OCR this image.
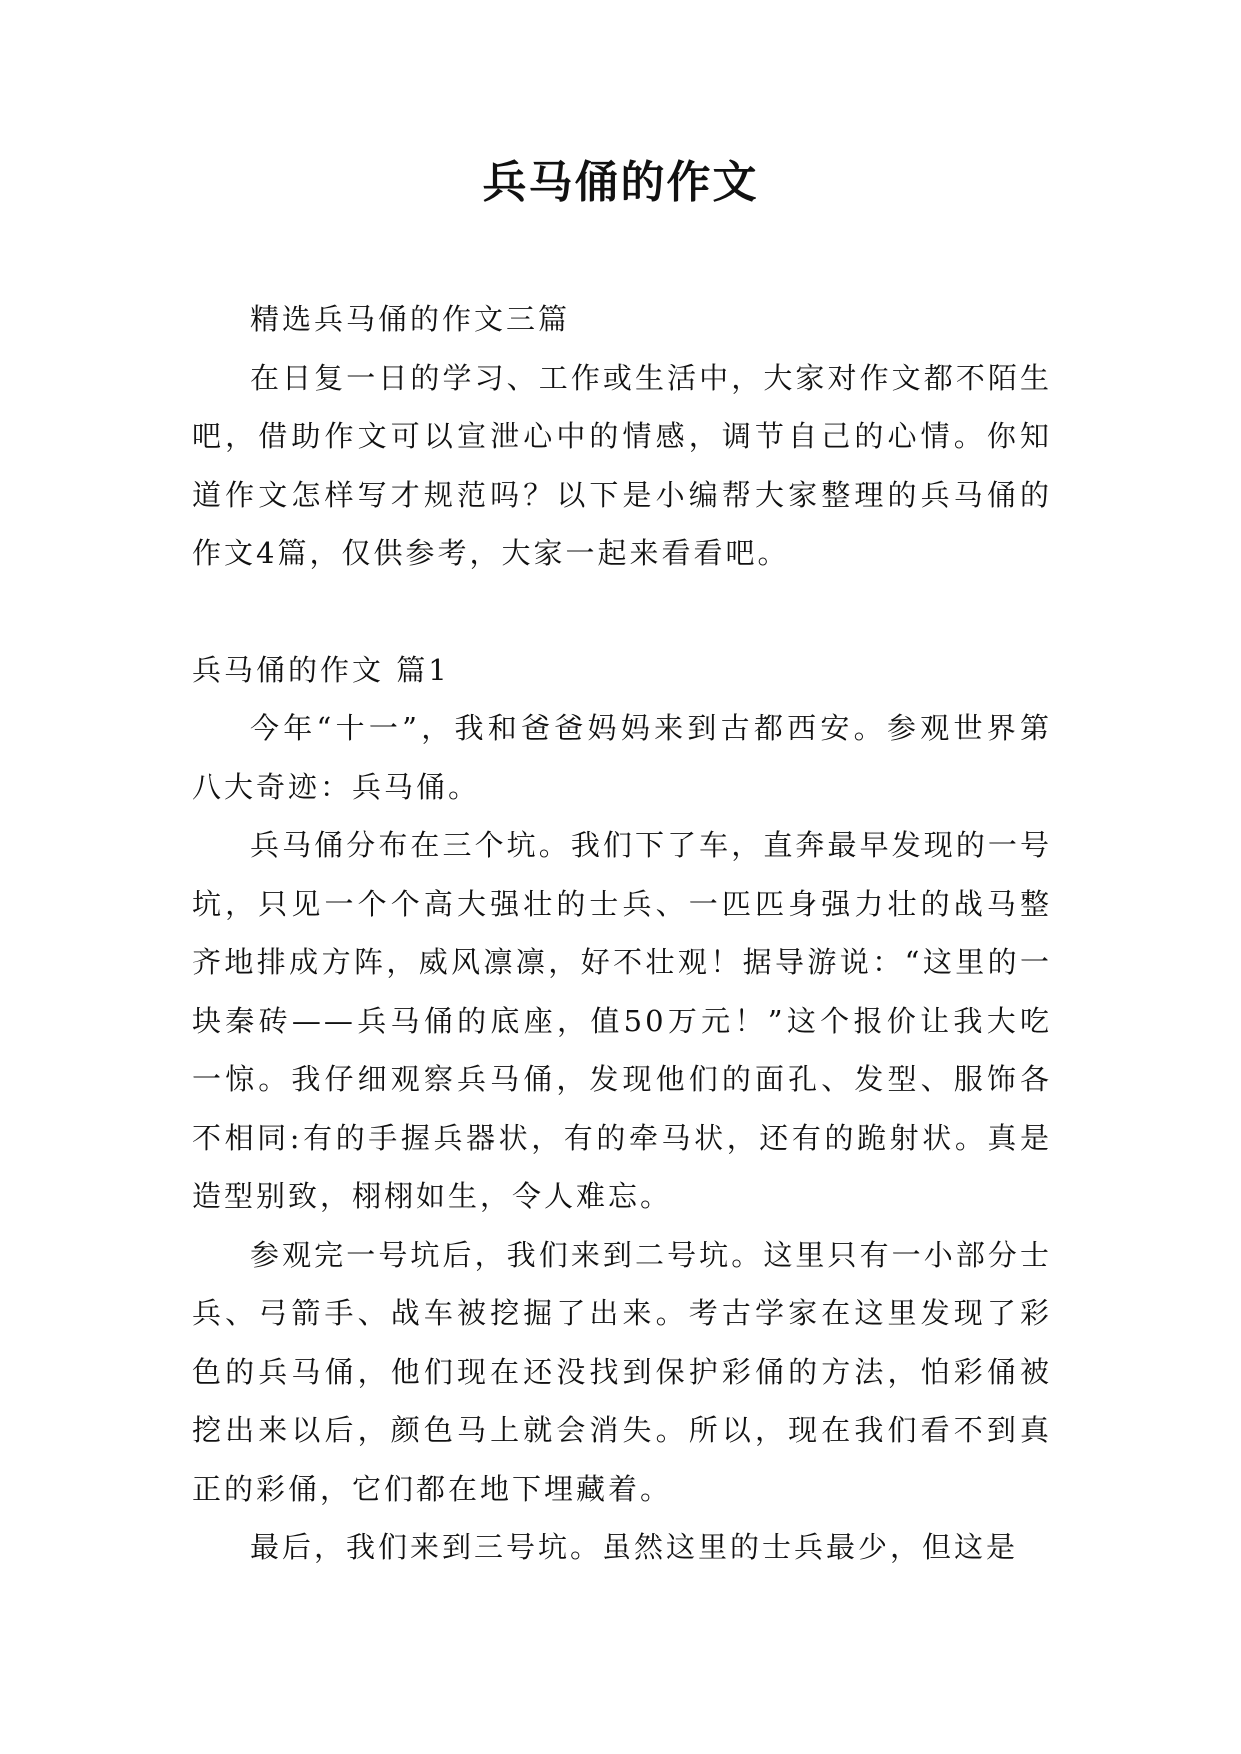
兵马俑的作文

精选兵马俑的作文三篇

在日复一日的学习、工作或生活中，大家对作文都不陌生吧，借助作文可以宣泄心中的情感，调节自己的心情。你知道作文怎样写才规范吗？以下是小编帮大家整理的兵马俑的作文4篇，仅供参考，大家一起来看看吧。

兵马俑的作文 篇1

今年“十一”，我和爸爸妈妈来到古都西安。参观世界第八大奇迹：兵马俑。

兵马俑分布在三个坑。我们下了车，直奔最早发现的一号坑，只见一个个高大强壮的士兵、一匹匹身强力壮的战马整齐地排成方阵，威风凛凛，好不壮观！据导游说：“这里的一块秦砖——兵马俑的底座，值50万元！”这个报价让我大吃一惊。我仔细观察兵马俑，发现他们的面孔、发型、服饰各不相同:有的手握兵器状，有的牵马状，还有的跪射状。真是造型别致，栩栩如生，令人难忘。

参观完一号坑后，我们来到二号坑。这里只有一小部分士兵、弓箭手、战车被挖掘了出来。考古学家在这里发现了彩色的兵马俑，他们现在还没找到保护彩俑的方法，怕彩俑被挖出来以后，颜色马上就会消失。所以，现在我们看不到真正的彩俑，它们都在地下埋藏着。

最后，我们来到三号坑。虽然这里的士兵最少，但这是
